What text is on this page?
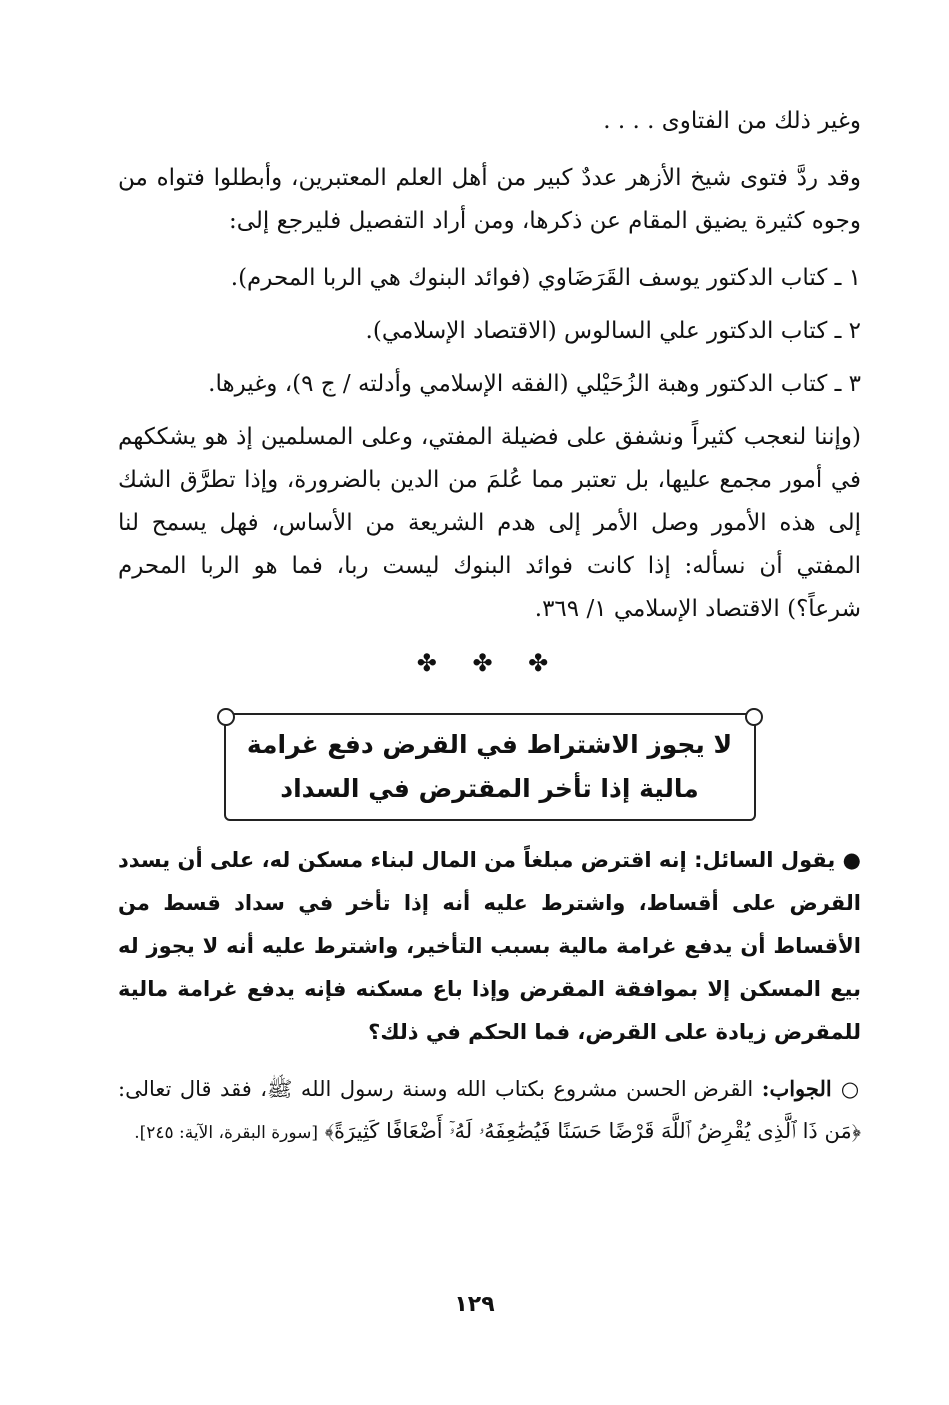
وغير ذلك من الفتاوى . . . .

وقد ردَّ فتوى شيخ الأزهر عددٌ كبير من أهل العلم المعتبرين، وأبطلوا فتواه من وجوه كثيرة يضيق المقام عن ذكرها، ومن أراد التفصيل فليرجع إلى:

١ ـ كتاب الدكتور يوسف القَرَضَاوي (فوائد البنوك هي الربا المحرم).

٢ ـ كتاب الدكتور علي السالوس (الاقتصاد الإسلامي).

٣ ـ كتاب الدكتور وهبة الزُحَيْلي (الفقه الإسلامي وأدلته / ج ٩)، وغيرها.

(وإننا لنعجب كثيراً ونشفق على فضيلة المفتي، وعلى المسلمين إذ هو يشككهم في أمور مجمع عليها، بل تعتبر مما عُلمَ من الدين بالضرورة، وإذا تطرَّق الشك إلى هذه الأمور وصل الأمر إلى هدم الشريعة من الأساس، فهل يسمح لنا المفتي أن نسأله: إذا كانت فوائد البنوك ليست ربا، فما هو الربا المحرم شرعاً؟) الاقتصاد الإسلامي ١/ ٣٦٩.

✤ ✤ ✤
لا يجوز الاشتراط في القرض دفع غرامة
مالية إذا تأخر المقترض في السداد

● يقول السائل: إنه اقترض مبلغاً من المال لبناء مسكن له، على أن يسدد القرض على أقساط، واشترط عليه أنه إذا تأخر في سداد قسط من الأقساط أن يدفع غرامة مالية بسبب التأخير، واشترط عليه أنه لا يجوز له بيع المسكن إلا بموافقة المقرض وإذا باع مسكنه فإنه يدفع غرامة مالية للمقرض زيادة على القرض، فما الحكم في ذلك؟

○ الجواب: القرض الحسن مشروع بكتاب الله وسنة رسول الله ﷺ، فقد قال تعالى: ﴿مَن ذَا ٱلَّذِى يُقْرِضُ ٱللَّهَ قَرْضًا حَسَنًا فَيُضَٰعِفَهُۥ لَهُۥٓ أَضْعَافًا كَثِيرَةً﴾ [سورة البقرة، الآية: ٢٤٥].

١٢٩
